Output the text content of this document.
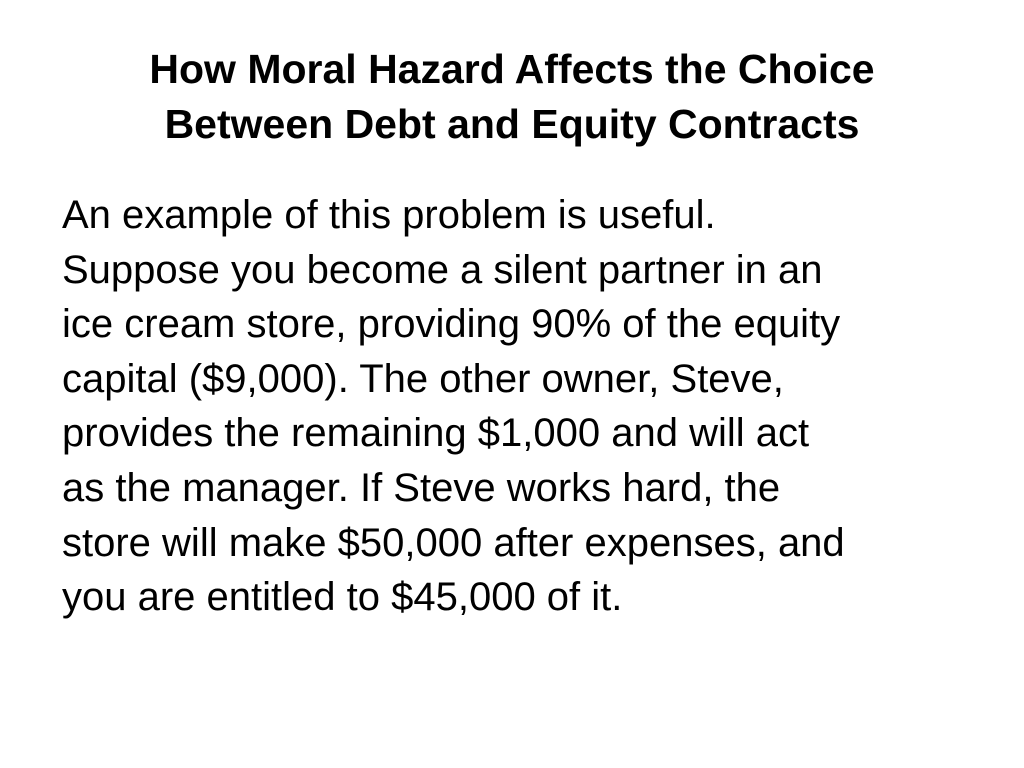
How Moral Hazard Affects the Choice
Between Debt and Equity Contracts
An example of this problem is useful.
Suppose you become a silent partner in an
ice cream store, providing 90% of the equity
capital ($9,000). The other owner, Steve,
provides the remaining $1,000 and will act
as the manager. If Steve works hard, the
store will make $50,000 after expenses, and
you are entitled to $45,000 of it.
